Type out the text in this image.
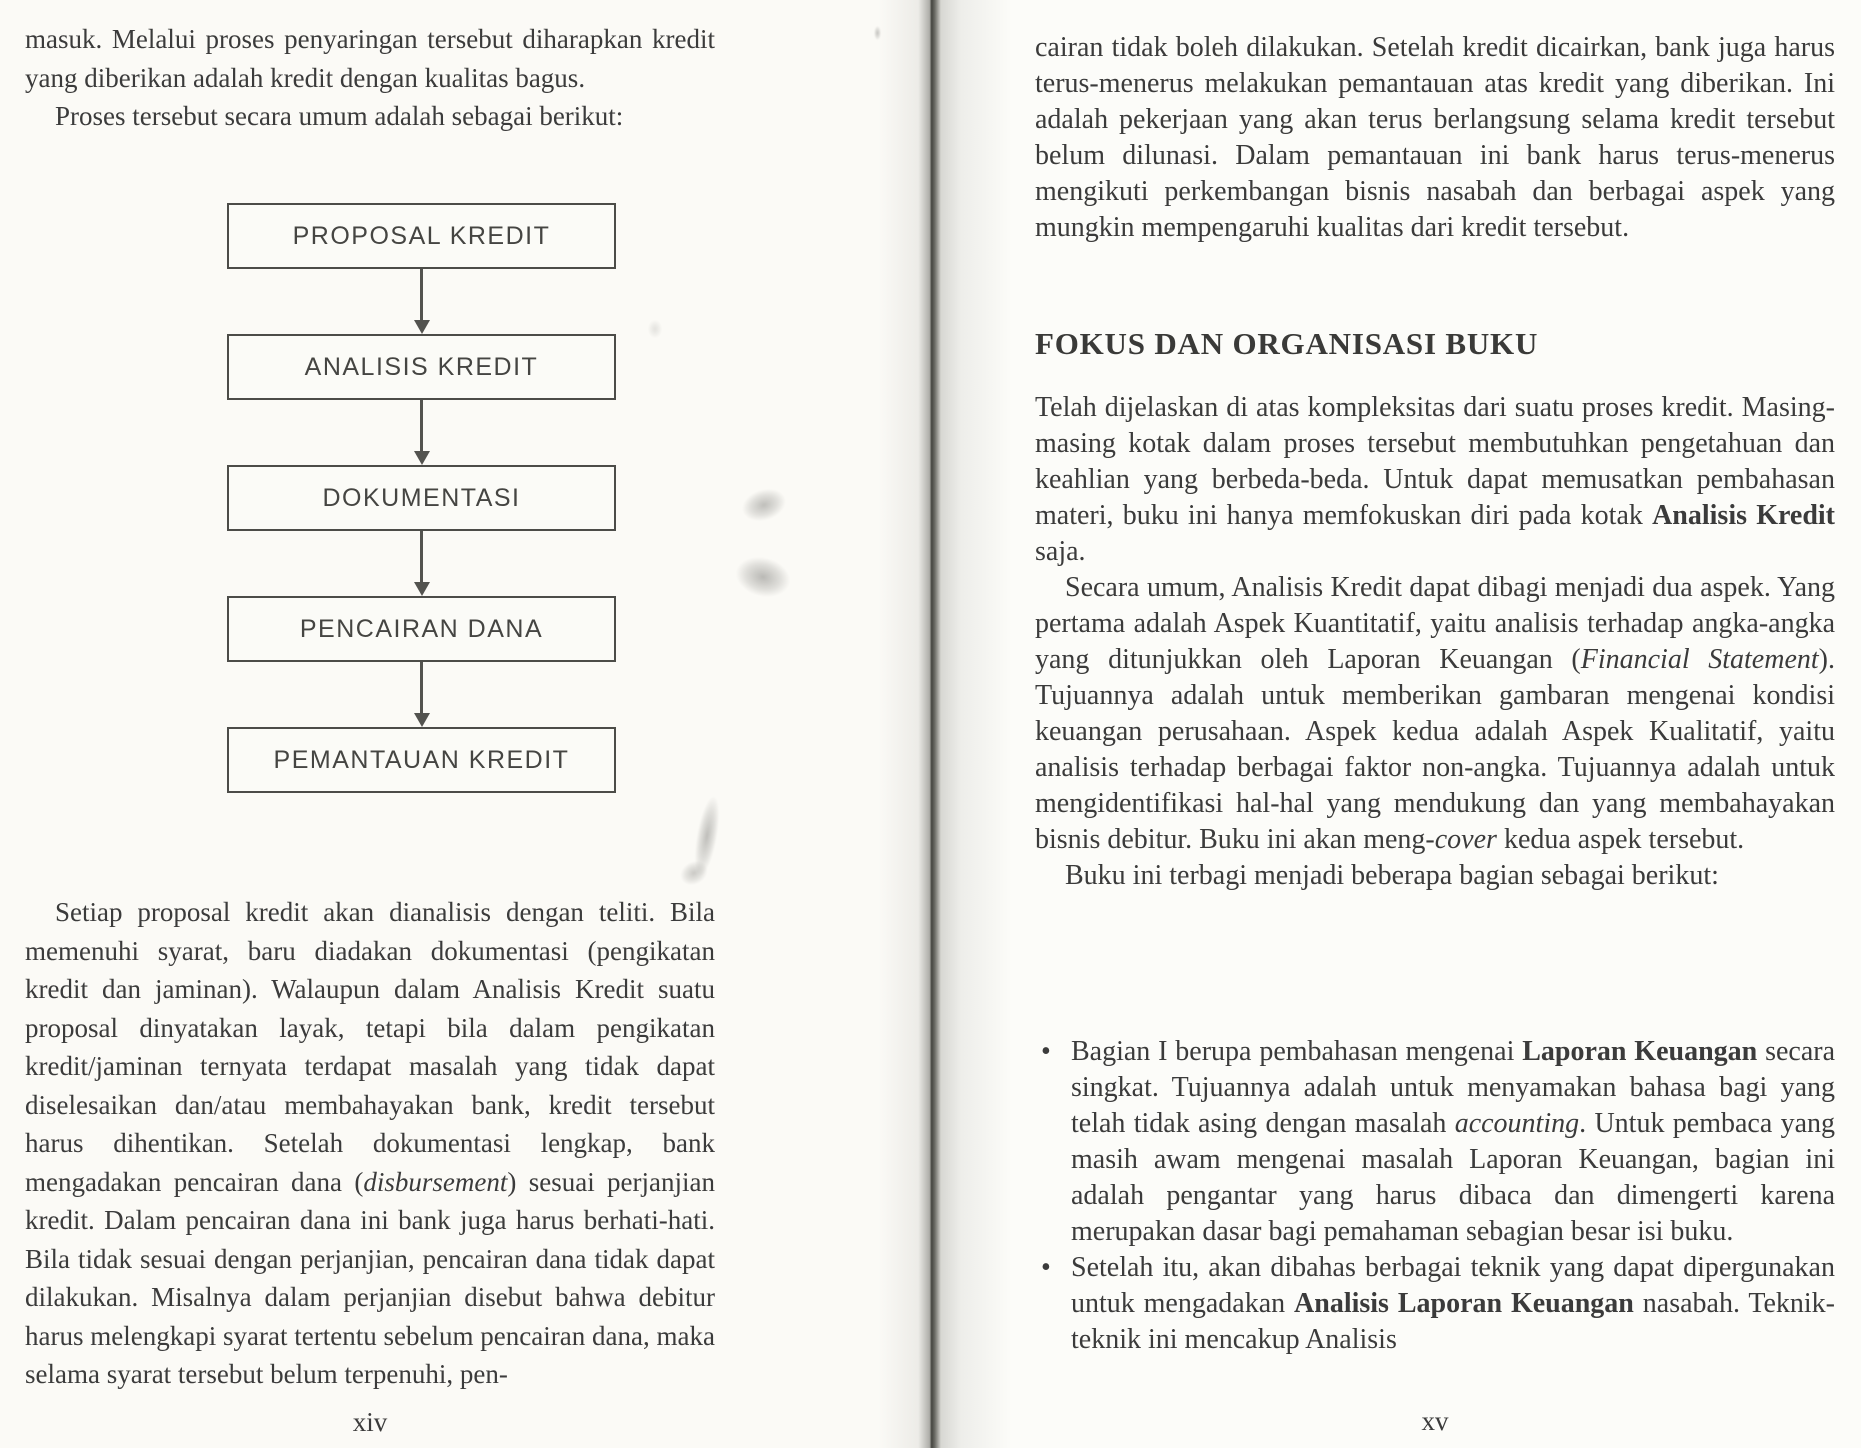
masuk. Melalui proses penyaringan tersebut diharapkan kredit yang diberikan adalah kredit dengan kualitas bagus.

Proses tersebut secara umum adalah sebagai berikut:

PROPOSAL KREDIT
ANALISIS KREDIT
DOKUMENTASI
PENCAIRAN DANA
PEMANTAUAN KREDIT

Setiap proposal kredit akan dianalisis dengan teliti. Bila memenuhi syarat, baru diadakan dokumentasi (pengikatan kredit dan jaminan). Walaupun dalam Analisis Kredit suatu proposal dinyatakan layak, tetapi bila dalam pengikatan kredit/jaminan ternyata terdapat masalah yang tidak dapat diselesaikan dan/atau membahayakan bank, kredit tersebut harus dihentikan. Setelah dokumentasi lengkap, bank mengadakan pencairan dana (disbursement) sesuai perjanjian kredit. Dalam pencairan dana ini bank juga harus berhati-hati. Bila tidak sesuai dengan perjanjian, pencairan dana tidak dapat dilakukan. Misalnya dalam perjanjian disebut bahwa debitur harus melengkapi syarat tertentu sebelum pencairan dana, maka selama syarat tersebut belum terpenuhi, pen-

xiv

cairan tidak boleh dilakukan. Setelah kredit dicairkan, bank juga harus terus-menerus melakukan pemantauan atas kredit yang diberikan. Ini adalah pekerjaan yang akan terus berlangsung selama kredit tersebut belum dilunasi. Dalam pemantauan ini bank harus terus-menerus mengikuti perkembangan bisnis nasabah dan berbagai aspek yang mungkin mempengaruhi kualitas dari kredit tersebut.

FOKUS DAN ORGANISASI BUKU

Telah dijelaskan di atas kompleksitas dari suatu proses kredit. Masing-masing kotak dalam proses tersebut membutuhkan pengetahuan dan keahlian yang berbeda-beda. Untuk dapat memusatkan pembahasan materi, buku ini hanya memfokuskan diri pada kotak Analisis Kredit saja.

Secara umum, Analisis Kredit dapat dibagi menjadi dua aspek. Yang pertama adalah Aspek Kuantitatif, yaitu analisis terhadap angka-angka yang ditunjukkan oleh Laporan Keuangan (Financial Statement). Tujuannya adalah untuk memberikan gambaran mengenai kondisi keuangan perusahaan. Aspek kedua adalah Aspek Kualitatif, yaitu analisis terhadap berbagai faktor non-angka. Tujuannya adalah untuk mengidentifikasi hal-hal yang mendukung dan yang membahayakan bisnis debitur. Buku ini akan meng-cover kedua aspek tersebut.

Buku ini terbagi menjadi beberapa bagian sebagai berikut:

• Bagian I berupa pembahasan mengenai Laporan Keuangan secara singkat. Tujuannya adalah untuk menyamakan bahasa bagi yang telah tidak asing dengan masalah accounting. Untuk pembaca yang masih awam mengenai masalah Laporan Keuangan, bagian ini adalah pengantar yang harus dibaca dan dimengerti karena merupakan dasar bagi pemahaman sebagian besar isi buku.
• Setelah itu, akan dibahas berbagai teknik yang dapat dipergunakan untuk mengadakan Analisis Laporan Keuangan nasabah. Teknik-teknik ini mencakup Analisis
xv
